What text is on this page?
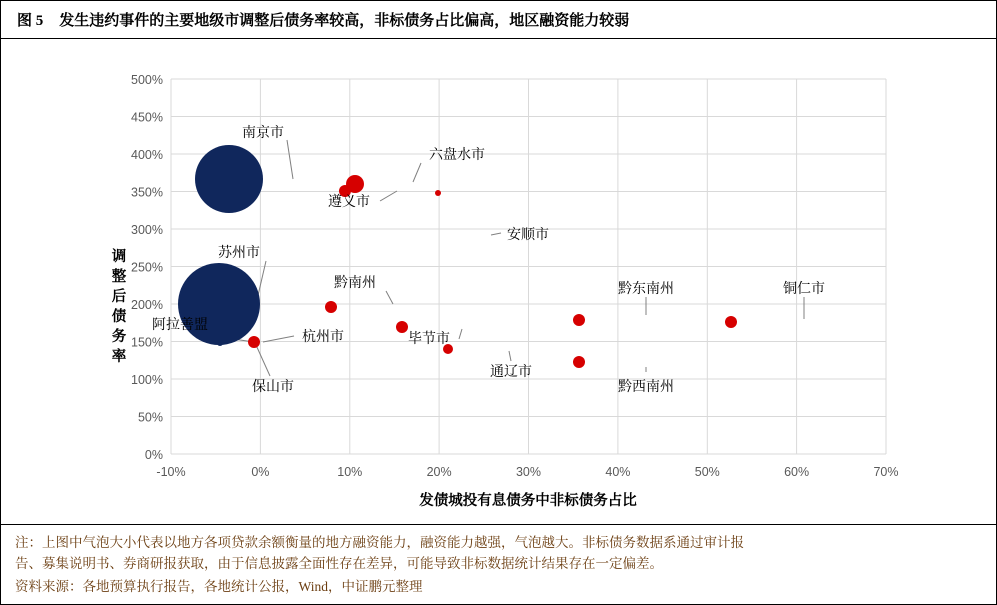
图 5 发生违约事件的主要地级市调整后债务率较高，非标债务占比偏高，地区融资能力较弱
500%
450%
400%
350%
300%
250%
200%
150%
100%
50%
0%
-10%	0%	10%	20%	30%	40%	50%	60%	70%
发债城投有息债务中非标债务占比
调
整
后
债
务
率
南京市
六盘水市
遵义市
安顺市
苏州市
黔南州	黔东南州	铜仁市
毕节市
杭州市
阿拉善盟
通辽市
黔西南州
保山市
注：上图中气泡大小代表以地方各项贷款余额衡量的地方融资能力，融资能力越强，气泡越大。非标债务数据系通过审计报
告、募集说明书、券商研报获取，由于信息披露全面性存在差异，可能导致非标数据统计结果存在一定偏差。
资料来源：各地预算执行报告，各地统计公报，Wind，中证鹏元整理
